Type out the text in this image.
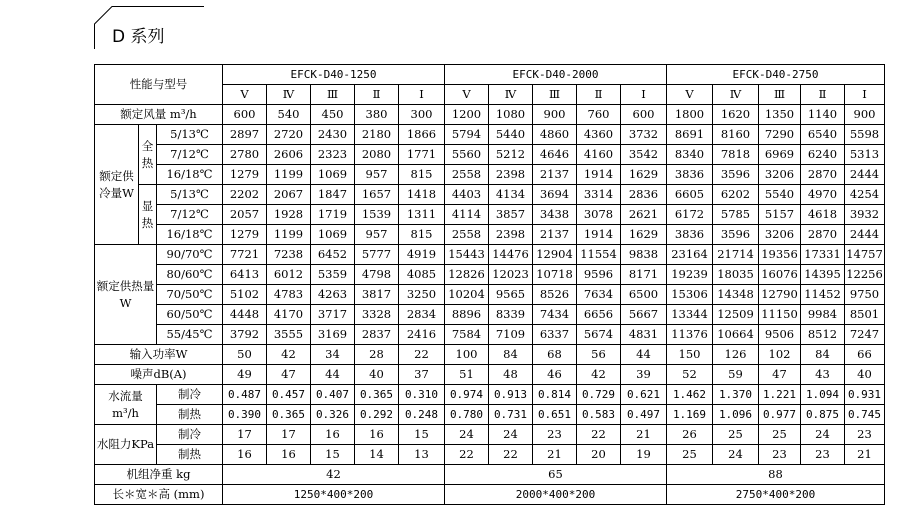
D 系列
性能与型号			EFCK-D40-1250					EFCK-D40-2000					EFCK-D40-2750				
			Ⅴ	Ⅳ	Ⅲ	Ⅱ	Ⅰ	Ⅴ	Ⅳ	Ⅲ	Ⅱ	Ⅰ	Ⅴ	Ⅳ	Ⅲ	Ⅱ	Ⅰ
额定风量 m³/h			600	540	450	380	300	1200	1080	900	760	600	1800	1620	1350	1140	900
额定供冷量W	全热	5/13℃	2897	2720	2430	2180	1866	5794	5440	4860	4360	3732	8691	8160	7290	6540	5598
		7/12℃	2780	2606	2323	2080	1771	5560	5212	4646	4160	3542	8340	7818	6969	6240	5313
		16/18℃	1279	1199	1069	957	815	2558	2398	2137	1914	1629	3836	3596	3206	2870	2444
	显热	5/13℃	2202	2067	1847	1657	1418	4403	4134	3694	3314	2836	6605	6202	5540	4970	4254
		7/12℃	2057	1928	1719	1539	1311	4114	3857	3438	3078	2621	6172	5785	5157	4618	3932
		16/18℃	1279	1199	1069	957	815	2558	2398	2137	1914	1629	3836	3596	3206	2870	2444
额定供热量W		90/70℃	7721	7238	6452	5777	4919	15443	14476	12904	11554	9838	23164	21714	19356	17331	14757
		80/60℃	6413	6012	5359	4798	4085	12826	12023	10718	9596	8171	19239	18035	16076	14395	12256
		70/50℃	5102	4783	4263	3817	3250	10204	9565	8526	7634	6500	15306	14348	12790	11452	9750
		60/50℃	4448	4170	3717	3328	2834	8896	8339	7434	6656	5667	13344	12509	11150	9984	8501
		55/45℃	3792	3555	3169	2837	2416	7584	7109	6337	5674	4831	11376	10664	9506	8512	7247
输入功率W			50	42	34	28	22	100	84	68	56	44	150	126	102	84	66
噪声dB(A)			49	47	44	40	37	51	48	46	42	39	52	59	47	43	40
水流量m³/h		制冷	0.487	0.457	0.407	0.365	0.310	0.974	0.913	0.814	0.729	0.621	1.462	1.370	1.221	1.094	0.931
		制热	0.390	0.365	0.326	0.292	0.248	0.780	0.731	0.651	0.583	0.497	1.169	1.096	0.977	0.875	0.745
水阻力KPa		制冷	17	17	16	16	15	24	24	23	22	21	26	25	25	24	23
		制热	16	16	15	14	13	22	22	21	20	19	25	24	23	23	21
机组净重 kg			42					65					88				
长＊宽＊高 (mm)			1250*400*200					2000*400*200					2750*400*200				
